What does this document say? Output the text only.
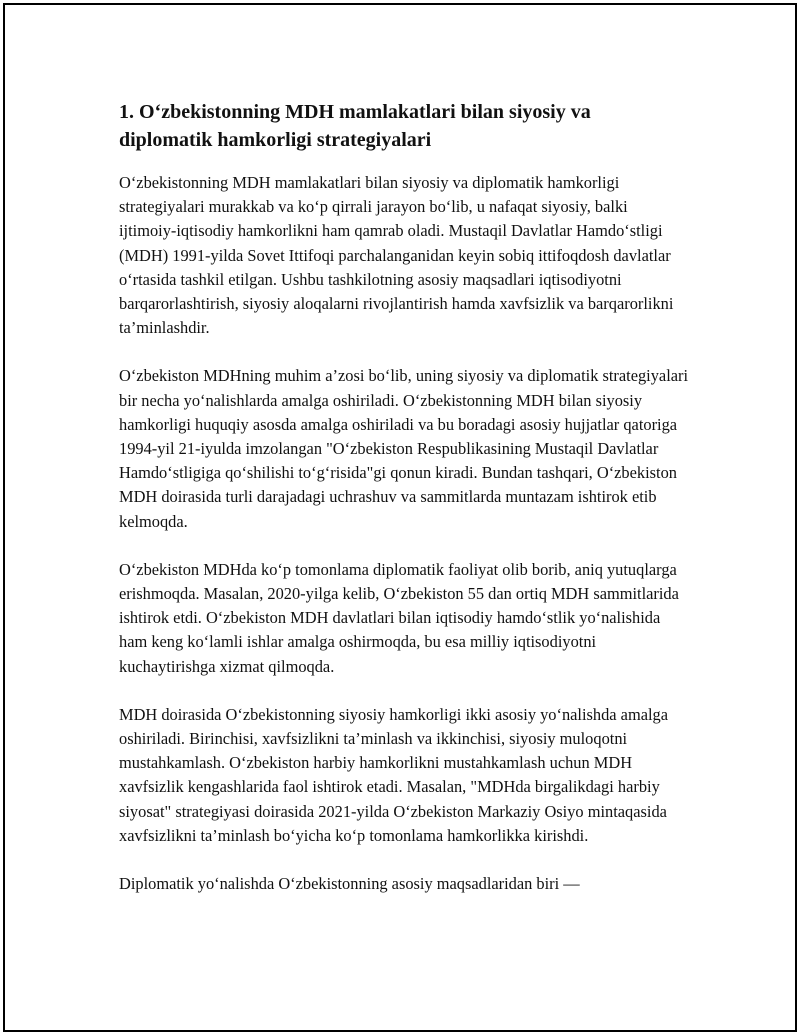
1. O‘zbekistonning MDH mamlakatlari bilan siyosiy va diplomatik hamkorligi strategiyalari

O‘zbekistonning MDH mamlakatlari bilan siyosiy va diplomatik hamkorligi strategiyalari murakkab va ko‘p qirrali jarayon bo‘lib, u nafaqat siyosiy, balki ijtimoiy-iqtisodiy hamkorlikni ham qamrab oladi. Mustaqil Davlatlar Hamdo‘stligi (MDH) 1991-yilda Sovet Ittifoqi parchalanganidan keyin sobiq ittifoqdosh davlatlar o‘rtasida tashkil etilgan. Ushbu tashkilotning asosiy maqsadlari iqtisodiyotni barqarorlashtirish, siyosiy aloqalarni rivojlantirish hamda xavfsizlik va barqarorlikni ta’minlashdir.

O‘zbekiston MDHning muhim a’zosi bo‘lib, uning siyosiy va diplomatik strategiyalari bir necha yo‘nalishlarda amalga oshiriladi. O‘zbekistonning MDH bilan siyosiy hamkorligi huquqiy asosda amalga oshiriladi va bu boradagi asosiy hujjatlar qatoriga 1994-yil 21-iyulda imzolangan "O‘zbekiston Respublikasining Mustaqil Davlatlar Hamdo‘stligiga qo‘shilishi to‘g‘risida"gi qonun kiradi. Bundan tashqari, O‘zbekiston MDH doirasida turli darajadagi uchrashuv va sammitlarda muntazam ishtirok etib kelmoqda.

O‘zbekiston MDHda ko‘p tomonlama diplomatik faoliyat olib borib, aniq yutuqlarga erishmoqda. Masalan, 2020-yilga kelib, O‘zbekiston 55 dan ortiq MDH sammitlarida ishtirok etdi. O‘zbekiston MDH davlatlari bilan iqtisodiy hamdo‘stlik yo‘nalishida ham keng ko‘lamli ishlar amalga oshirmoqda, bu esa milliy iqtisodiyotni kuchaytirishga xizmat qilmoqda.

MDH doirasida O‘zbekistonning siyosiy hamkorligi ikki asosiy yo‘nalishda amalga oshiriladi. Birinchisi, xavfsizlikni ta’minlash va ikkinchisi, siyosiy muloqotni mustahkamlash. O‘zbekiston harbiy hamkorlikni mustahkamlash uchun MDH xavfsizlik kengashlarida faol ishtirok etadi. Masalan, "MDHda birgalikdagi harbiy siyosat" strategiyasi doirasida 2021-yilda O‘zbekiston Markaziy Osiyo mintaqasida xavfsizlikni ta’minlash bo‘yicha ko‘p tomonlama hamkorlikka kirishdi.

Diplomatik yo‘nalishda O‘zbekistonning asosiy maqsadlaridan biri —
